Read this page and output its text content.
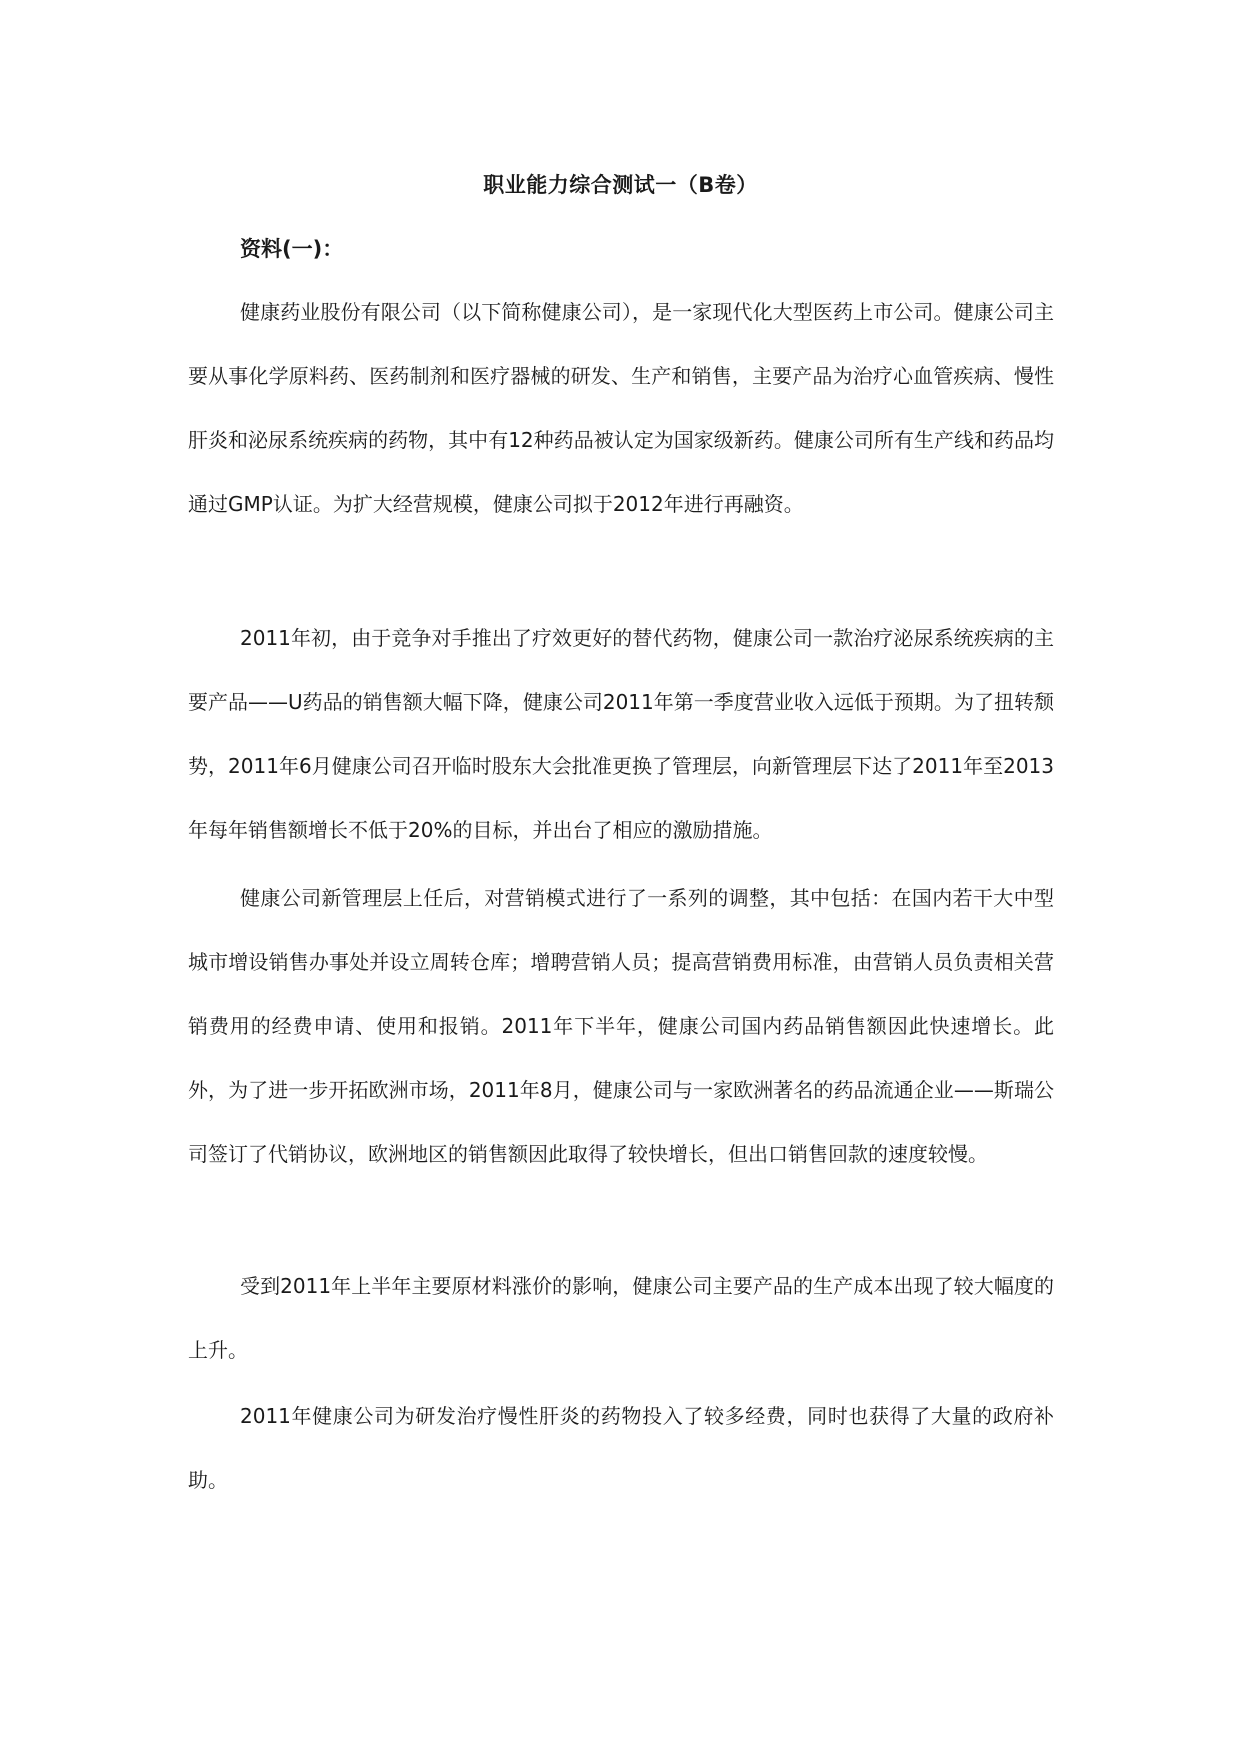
职业能力综合测试一（B卷）
资料(一)：

健康药业股份有限公司（以下简称健康公司），是一家现代化大型医药上市公司。健康公司主要从事化学原料药、医药制剂和医疗器械的研发、生产和销售，主要产品为治疗心血管疾病、慢性肝炎和泌尿系统疾病的药物，其中有12种药品被认定为国家级新药。健康公司所有生产线和药品均通过GMP认证。为扩大经营规模，健康公司拟于2012年进行再融资。

2011年初，由于竞争对手推出了疗效更好的替代药物，健康公司一款治疗泌尿系统疾病的主要产品——U药品的销售额大幅下降，健康公司2011年第一季度营业收入远低于预期。为了扭转颓势，2011年6月健康公司召开临时股东大会批准更换了管理层，向新管理层下达了2011年至2013年每年销售额增长不低于20%的目标，并出台了相应的激励措施。

健康公司新管理层上任后，对营销模式进行了一系列的调整，其中包括：在国内若干大中型城市增设销售办事处并设立周转仓库；增聘营销人员；提高营销费用标准，由营销人员负责相关营销费用的经费申请、使用和报销。2011年下半年，健康公司国内药品销售额因此快速增长。此外，为了进一步开拓欧洲市场，2011年8月，健康公司与一家欧洲著名的药品流通企业——斯瑞公司签订了代销协议，欧洲地区的销售额因此取得了较快增长，但出口销售回款的速度较慢。

受到2011年上半年主要原材料涨价的影响，健康公司主要产品的生产成本出现了较大幅度的上升。

2011年健康公司为研发治疗慢性肝炎的药物投入了较多经费，同时也获得了大量的政府补助。
